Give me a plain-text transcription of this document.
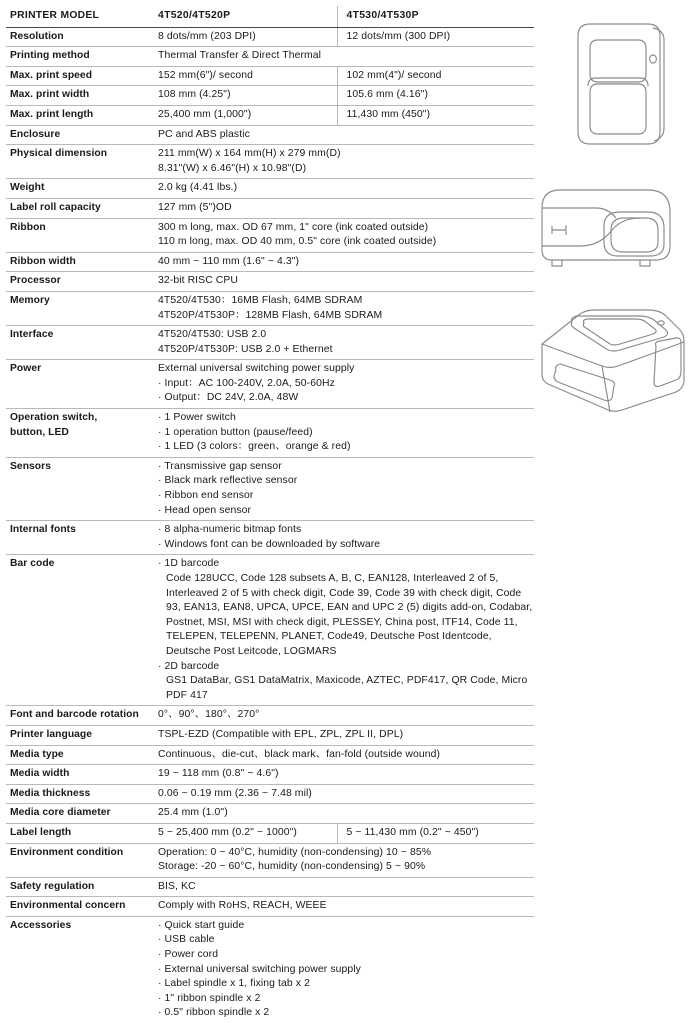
PRINTER MODEL	4T520/4T520P	4T530/4T530P

Resolution	8 dots/mm (203 DPI)	12 dots/mm (300 DPI)

Printing method	Thermal Transfer & Direct Thermal	

Max. print speed	152 mm(6")/ second	102 mm(4")/ second

Max. print width	108 mm (4.25")	105.6 mm (4.16")

Max. print length	25,400 mm (1,000")	11,430 mm (450")

Enclosure	PC and ABS plastic	

Physical dimension	211 mm(W) x 164 mm(H) x 279 mm(D)
8.31"(W) x 6.46"(H) x 10.98"(D)	

Weight	2.0 kg (4.41 lbs.)	

Label roll capacity	127 mm (5")OD	

Ribbon	300 m long, max. OD 67 mm, 1" core (ink coated outside)
110 m long, max. OD 40 mm, 0.5" core (ink coated outside)	

Ribbon width	40 mm ~ 110 mm (1.6" ~ 4.3")	

Processor	32-bit RISC CPU	

Memory	4T520/4T530：16MB Flash, 64MB SDRAM
4T520P/4T530P：128MB Flash, 64MB SDRAM	

Interface	4T520/4T530: USB 2.0
4T520P/4T530P: USB 2.0 + Ethernet	

Power	External universal switching power supply
· Input：AC 100-240V, 2.0A, 50-60Hz
· Output：DC 24V, 2.0A, 48W	

Operation switch,
button, LED	· 1 Power switch
· 1 operation button (pause/feed)
· 1 LED (3 colors：green、orange & red)	

Sensors	· Transmissive gap sensor
· Black mark reflective sensor
· Ribbon end sensor
· Head open sensor	

Internal fonts	· 8 alpha-numeric bitmap fonts
· Windows font can be downloaded by software	

Bar code	· 1D barcode
Code 128UCC, Code 128 subsets A, B, C, EAN128, Interleaved 2 of 5, Interleaved 2 of 5 with check digit, Code 39, Code 39 with check digit, Code 93, EAN13, EAN8, UPCA, UPCE, EAN and UPC 2 (5) digits add-on, Codabar, Postnet, MSI, MSI with check digit, PLESSEY, China post, ITF14, Code 11, TELEPEN, TELEPENN, PLANET, Code49, Deutsche Post Identcode, Deutsche Post Leitcode, LOGMARS
· 2D barcode
GS1 DataBar, GS1 DataMatrix, Maxicode, AZTEC, PDF417, QR Code, Micro PDF 417	

Font and barcode rotation	0°、90°、180°、270°	

Printer language	TSPL-EZD (Compatible with EPL, ZPL, ZPL II, DPL)	

Media type	Continuous、die-cut、black mark、fan-fold (outside wound)	

Media width	19 ~ 118 mm (0.8" ~ 4.6")	

Media thickness	0.06 ~ 0.19 mm (2.36 ~ 7.48 mil)	

Media core diameter	25.4 mm (1.0")	

Label length	5 ~ 25,400 mm (0.2" ~ 1000")	5 ~ 11,430 mm (0.2" ~ 450")

Environment condition	Operation: 0 ~ 40°C, humidity (non-condensing) 10 ~ 85%
Storage: -20 ~ 60°C, humidity (non-condensing) 5 ~ 90%	

Safety regulation	BIS, KC	

Environmental concern	Comply with RoHS, REACH, WEEE	

Accessories	· Quick start guide
· USB cable
· Power cord
· External universal switching power supply
· Label spindle x 1, fixing tab x 2
· 1" ribbon spindle x 2
· 0.5" ribbon spindle x 2
